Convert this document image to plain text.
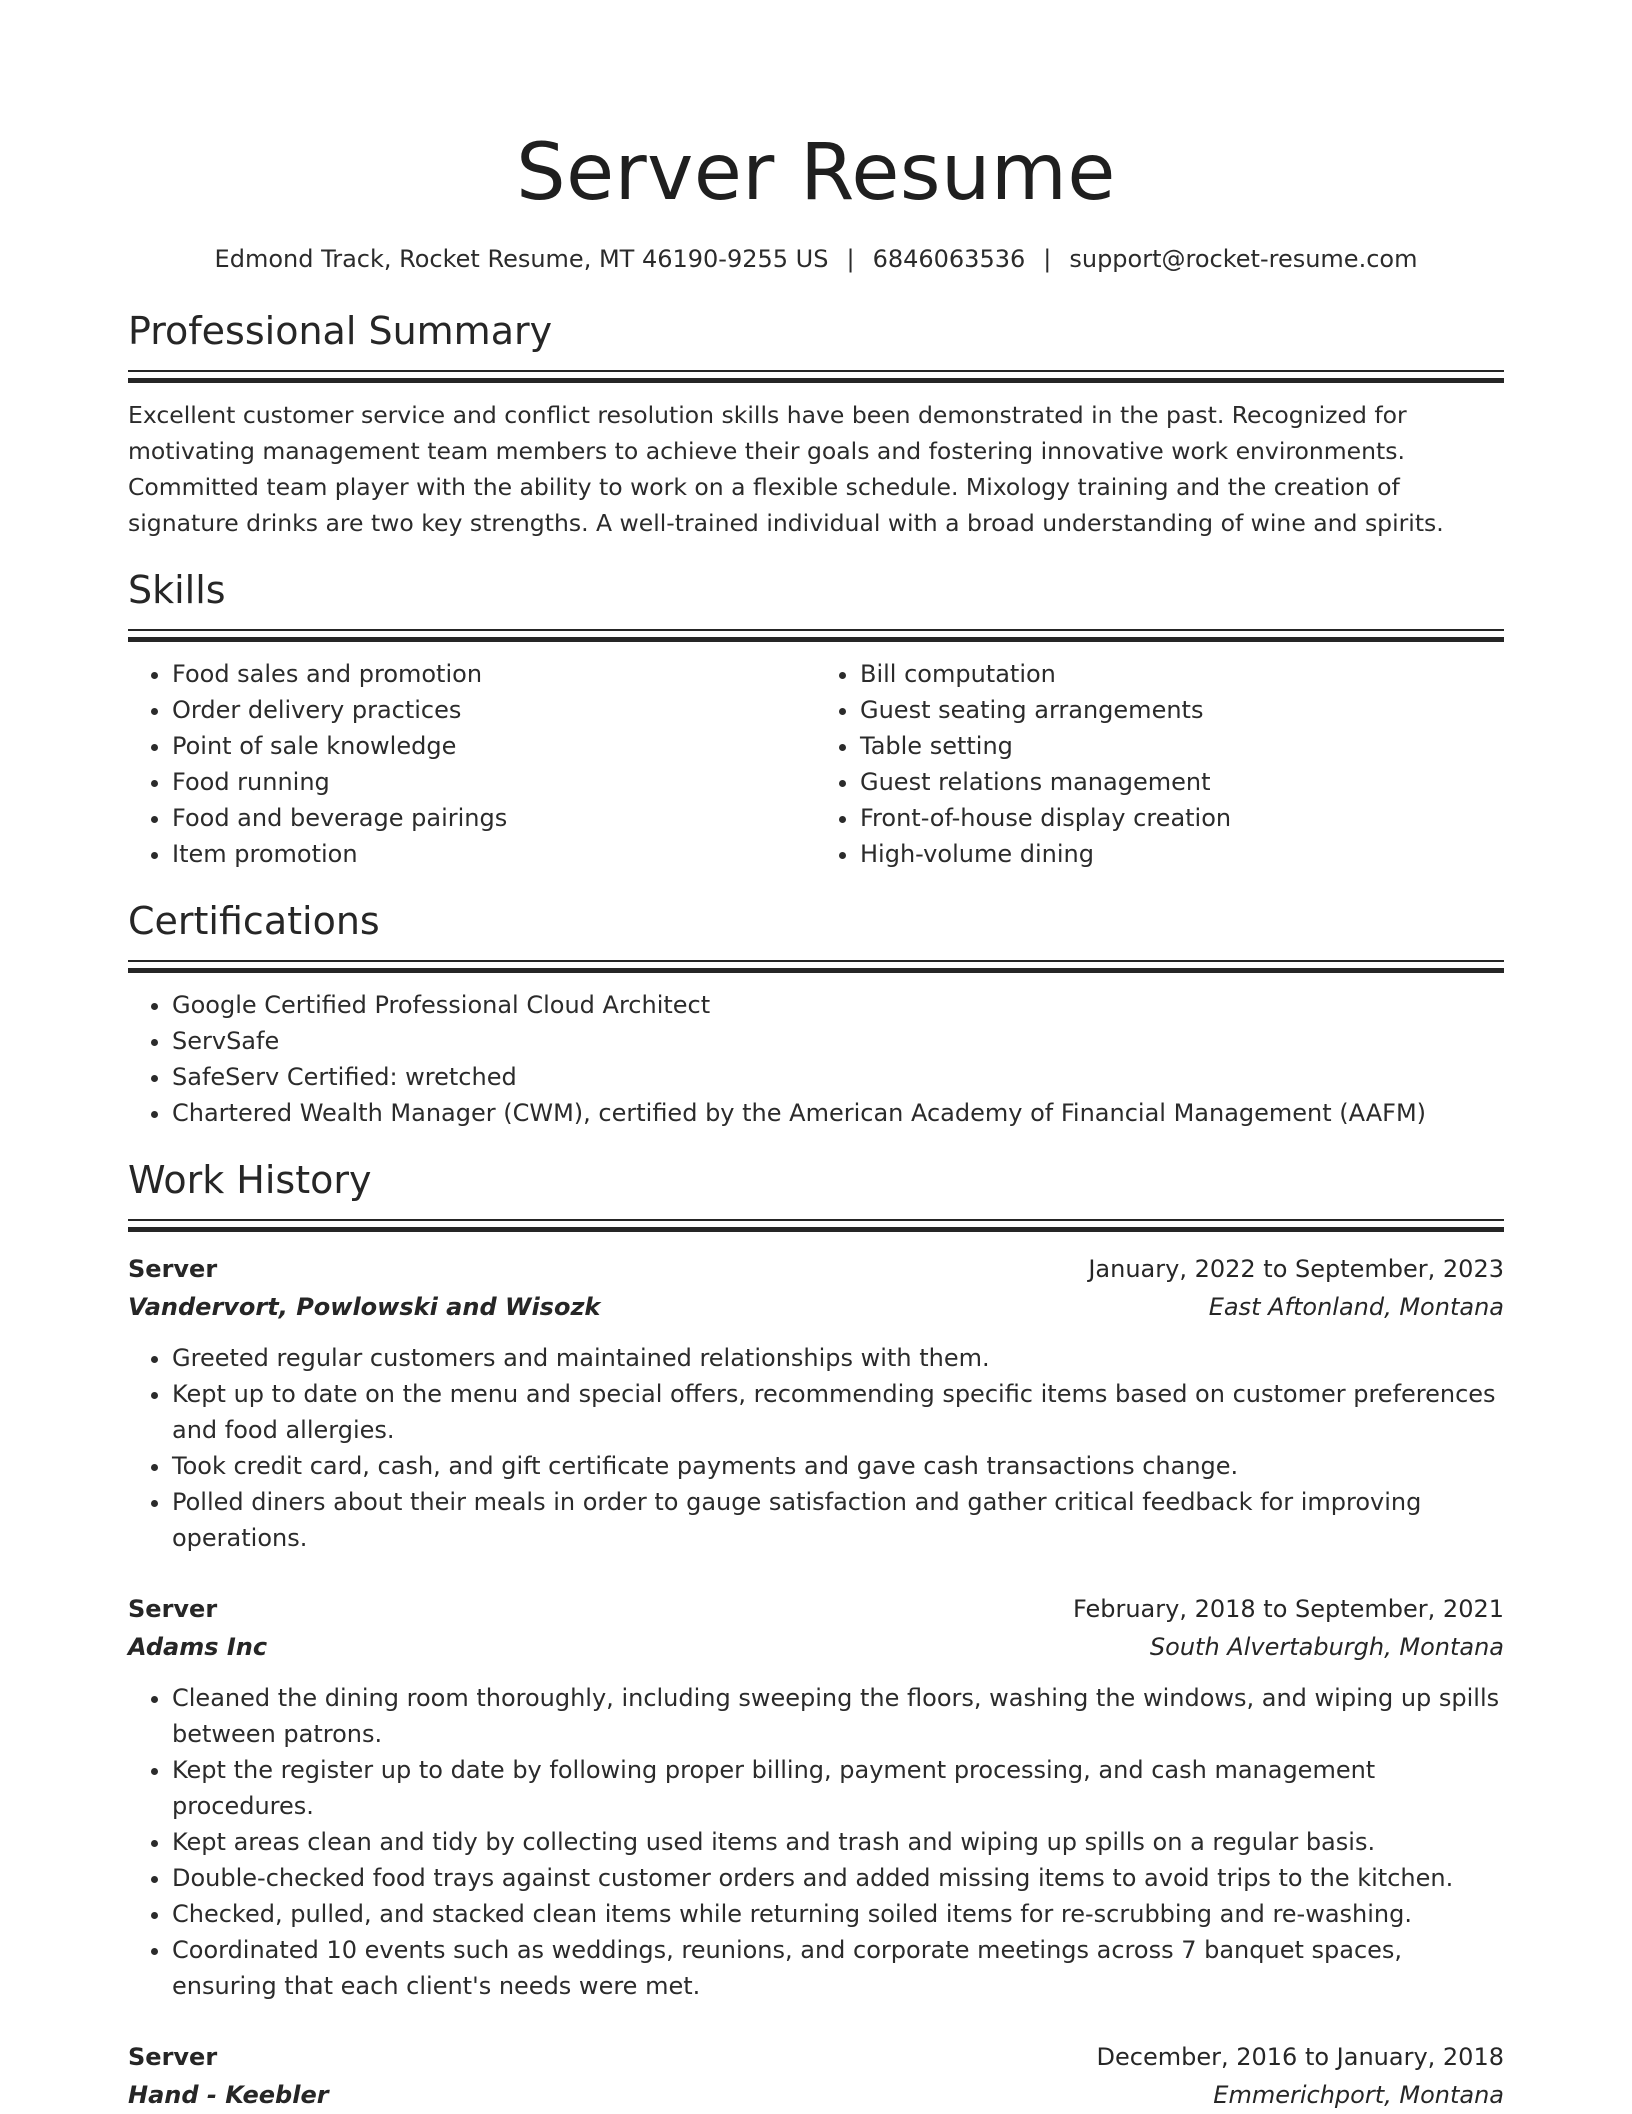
Server Resume
Edmond Track, Rocket Resume, MT 46190-9255 US | 6846063536 | support@rocket-resume.com
Professional Summary

Excellent customer service and conflict resolution skills have been demonstrated in the past. Recognized for motivating management team members to achieve their goals and fostering innovative work environments. Committed team player with the ability to work on a flexible schedule. Mixology training and the creation of signature drinks are two key strengths. A well-trained individual with a broad understanding of wine and spirits.

Skills
• Food sales and promotion
• Order delivery practices
• Point of sale knowledge
• Food running
• Food and beverage pairings
• Item promotion
• Bill computation
• Guest seating arrangements
• Table setting
• Guest relations management
• Front-of-house display creation
• High-volume dining
Certifications
• Google Certified Professional Cloud Architect
• ServSafe
• SafeServ Certified: wretched
• Chartered Wealth Manager (CWM), certified by the American Academy of Financial Management (AAFM)
Work History
Server	January, 2022 to September, 2023
Vandervort, Powlowski and Wisozk	East Aftonland, Montana
• Greeted regular customers and maintained relationships with them.
• Kept up to date on the menu and special offers, recommending specific items based on customer preferences and food allergies.
• Took credit card, cash, and gift certificate payments and gave cash transactions change.
• Polled diners about their meals in order to gauge satisfaction and gather critical feedback for improving operations.
Server	February, 2018 to September, 2021
Adams Inc	South Alvertaburgh, Montana
• Cleaned the dining room thoroughly, including sweeping the floors, washing the windows, and wiping up spills between patrons.
• Kept the register up to date by following proper billing, payment processing, and cash management procedures.
• Kept areas clean and tidy by collecting used items and trash and wiping up spills on a regular basis.
• Double-checked food trays against customer orders and added missing items to avoid trips to the kitchen.
• Checked, pulled, and stacked clean items while returning soiled items for re-scrubbing and re-washing.
• Coordinated 10 events such as weddings, reunions, and corporate meetings across 7 banquet spaces, ensuring that each client's needs were met.
Server	December, 2016 to January, 2018
Hand - Keebler	Emmerichport, Montana
